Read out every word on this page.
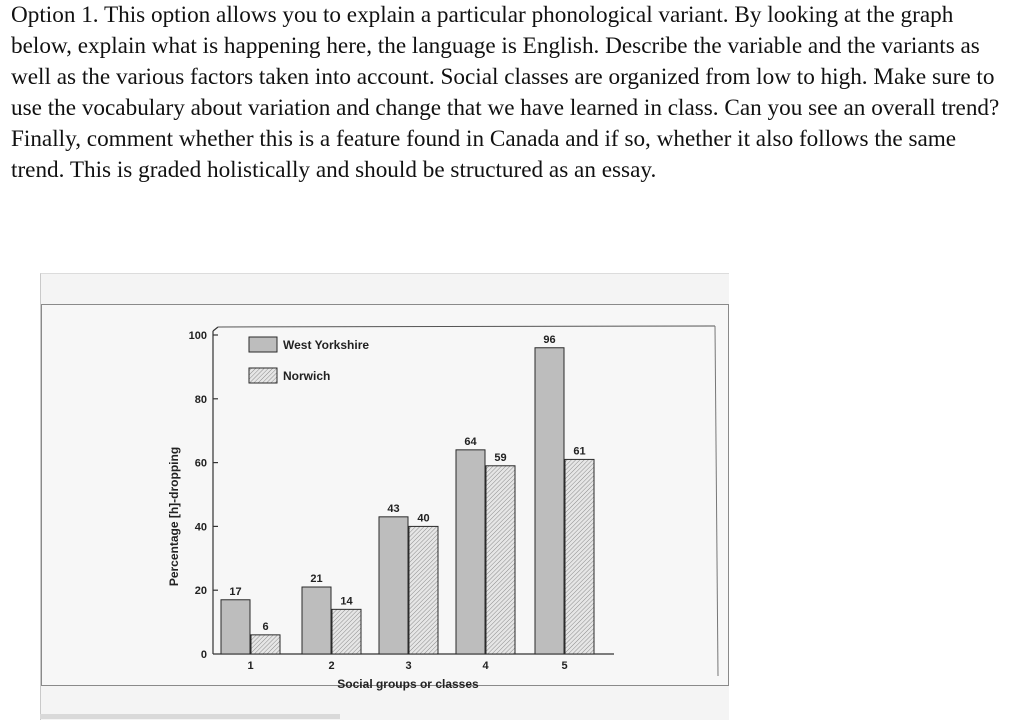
Option 1. This option allows you to explain a particular phonological variant. By looking at the graph below, explain what is happening here, the language is English. Describe the variable and the variants as well as the various factors taken into account. Social classes are organized from low to high. Make sure to use the vocabulary about variation and change that we have learned in class. Can you see an overall trend? Finally, comment whether this is a feature found in Canada and if so, whether it also follows the same trend. This is graded holistically and should be structured as an essay.

0
20
40
60
80
100
Percentage [h]-dropping
Social groups or classes
17
6
1
21
14
2
43
40
3
64
59
4
96
61
5
West Yorkshire
Norwich
